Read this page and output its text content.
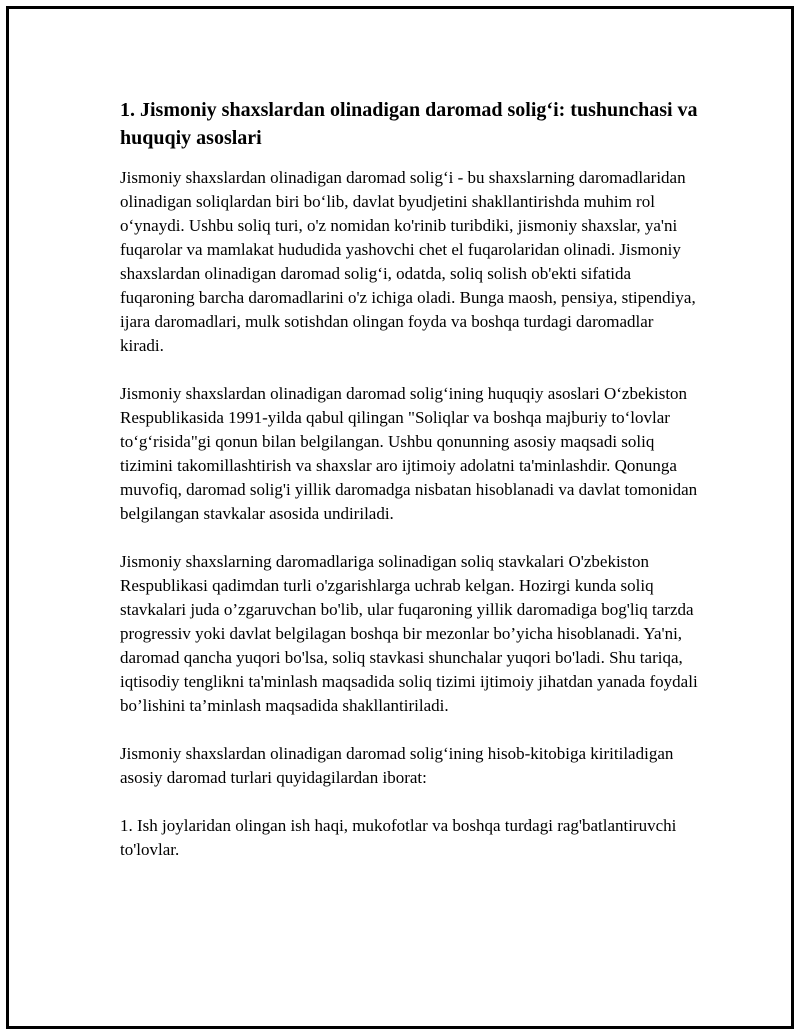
1. Jismoniy shaxslardan olinadigan daromad solig‘i: tushunchasi va huquqiy asoslari

Jismoniy shaxslardan olinadigan daromad solig‘i - bu shaxslarning daromadlaridan olinadigan soliqlardan biri bo‘lib, davlat byudjetini shakllantirishda muhim rol o‘ynaydi. Ushbu soliq turi, o'z nomidan ko'rinib turibdiki, jismoniy shaxslar, ya'ni fuqarolar va mamlakat hududida yashovchi chet el fuqarolaridan olinadi. Jismoniy shaxslardan olinadigan daromad solig‘i, odatda, soliq solish ob'ekti sifatida fuqaroning barcha daromadlarini o'z ichiga oladi. Bunga maosh, pensiya, stipendiya, ijara daromadlari, mulk sotishdan olingan foyda va boshqa turdagi daromadlar kiradi.

Jismoniy shaxslardan olinadigan daromad solig‘ining huquqiy asoslari O‘zbekiston Respublikasida 1991-yilda qabul qilingan "Soliqlar va boshqa majburiy to‘lovlar to‘g‘risida"gi qonun bilan belgilangan. Ushbu qonunning asosiy maqsadi soliq tizimini takomillashtirish va shaxslar aro ijtimoiy adolatni ta'minlashdir. Qonunga muvofiq, daromad solig'i yillik daromadga nisbatan hisoblanadi va davlat tomonidan belgilangan stavkalar asosida undiriladi.

Jismoniy shaxslarning daromadlariga solinadigan soliq stavkalari O'zbekiston Respublikasi qadimdan turli o'zgarishlarga uchrab kelgan. Hozirgi kunda soliq stavkalari juda o’zgaruvchan bo'lib, ular fuqaroning yillik daromadiga bog'liq tarzda progressiv yoki davlat belgilagan boshqa bir mezonlar bo’yicha hisoblanadi. Ya'ni, daromad qancha yuqori bo'lsa, soliq stavkasi shunchalar yuqori bo'ladi. Shu tariqa, iqtisodiy tenglikni ta'minlash maqsadida soliq tizimi ijtimoiy jihatdan yanada foydali bo’lishini ta’minlash maqsadida shakllantiriladi.

Jismoniy shaxslardan olinadigan daromad solig‘ining hisob-kitobiga kiritiladigan asosiy daromad turlari quyidagilardan iborat:

1. Ish joylaridan olingan ish haqi, mukofotlar va boshqa turdagi rag'batlantiruvchi to'lovlar.
